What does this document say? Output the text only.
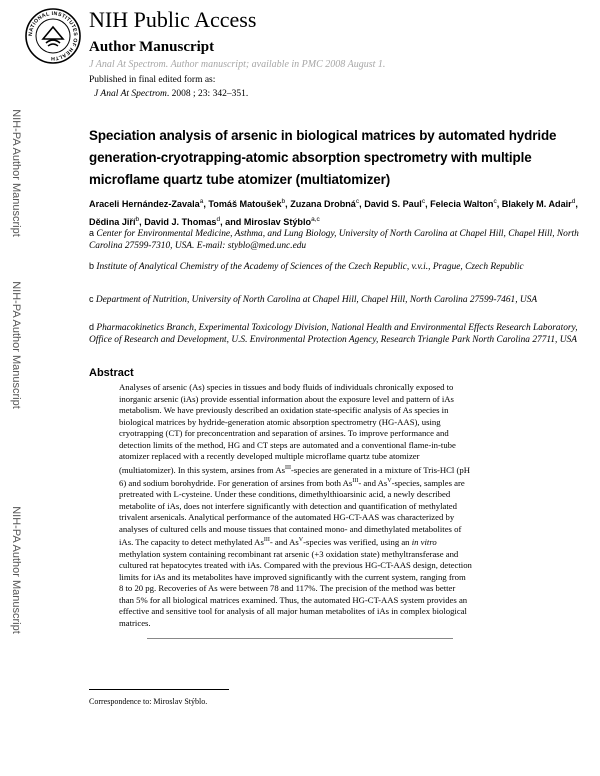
NATIONAL INSTITUTES OF HEALTH
NIH Public Access
Author Manuscript
J Anal At Spectrom. Author manuscript; available in PMC 2008 August 1.
Published in final edited form as:
J Anal At Spectrom. 2008 ; 23: 342–351.
NIH-PA Author Manuscript
NIH-PA Author Manuscript
NIH-PA Author Manuscript
Speciation analysis of arsenic in biological matrices by automated hydride generation-cryotrapping-atomic absorption spectrometry with multiple microflame quartz tube atomizer (multiatomizer)
Araceli Hernández-Zavala$^a$, Tomáš Matoušek$^b$, Zuzana Drobná$^c$, David S. Paul$^c$, Felecia Walton$^c$, Blakely M. Adair$^d$, Dědina Jiří$^b$, David J. Thomas$^d$, and Miroslav Stýblo$^{a,c}$
a Center for Environmental Medicine, Asthma, and Lung Biology, University of North Carolina at Chapel Hill, Chapel Hill, North Carolina 27599-7310, USA. E-mail: styblo@med.unc.edu
b Institute of Analytical Chemistry of the Academy of Sciences of the Czech Republic, v.v.i., Prague, Czech Republic
c Department of Nutrition, University of North Carolina at Chapel Hill, Chapel Hill, North Carolina 27599-7461, USA
d Pharmacokinetics Branch, Experimental Toxicology Division, National Health and Environmental Effects Research Laboratory, Office of Research and Development, U.S. Environmental Protection Agency, Research Triangle Park North Carolina 27711, USA
Abstract
Analyses of arsenic (As) species in tissues and body fluids of individuals chronically exposed to inorganic arsenic (iAs) provide essential information about the exposure level and pattern of iAs metabolism. We have previously described an oxidation state-specific analysis of As species in biological matrices by hydride-generation atomic absorption spectrometry (HG-AAS), using cryotrapping (CT) for preconcentration and separation of arsines. To improve performance and detection limits of the method, HG and CT steps are automated and a conventional flame-in-tube atomizer replaced with a recently developed multiple microflame quartz tube atomizer (multiatomizer). In this system, arsines from $As^{III}$-species are generated in a mixture of Tris-HCl (pH 6) and sodium borohydride. For generation of arsines from both $As^{III}-$ and $As^V$-species, samples are pretreated with L-cysteine. Under these conditions, dimethylthioarsinic acid, a newly described metabolite of iAs, does not interfere significantly with detection and quantification of methylated trivalent arsenicals. Analytical performance of the automated HG-CT-AAS was characterized by analyses of cultured cells and mouse tissues that contained mono- and dimethylated metabolites of iAs. The capacity to detect methylated $As^{III}-$ and $As^V$-species was verified, using an in vitro methylation system containing recombinant rat arsenic (+3 oxidation state) methyltransferase and cultured rat hepatocytes treated with iAs. Compared with the previous HG-CT-AAS design, detection limits for iAs and its metabolites have improved significantly with the current system, ranging from 8 to 20 pg. Recoveries of As were between 78 and 117%. The precision of the method was better than 5% for all biological matrices examined. Thus, the automated HG-CT-AAS system provides an effective and sensitive tool for analysis of all major human metabolites of iAs in complex biological matrices.
Correspondence to: Miroslav Stýblo.
